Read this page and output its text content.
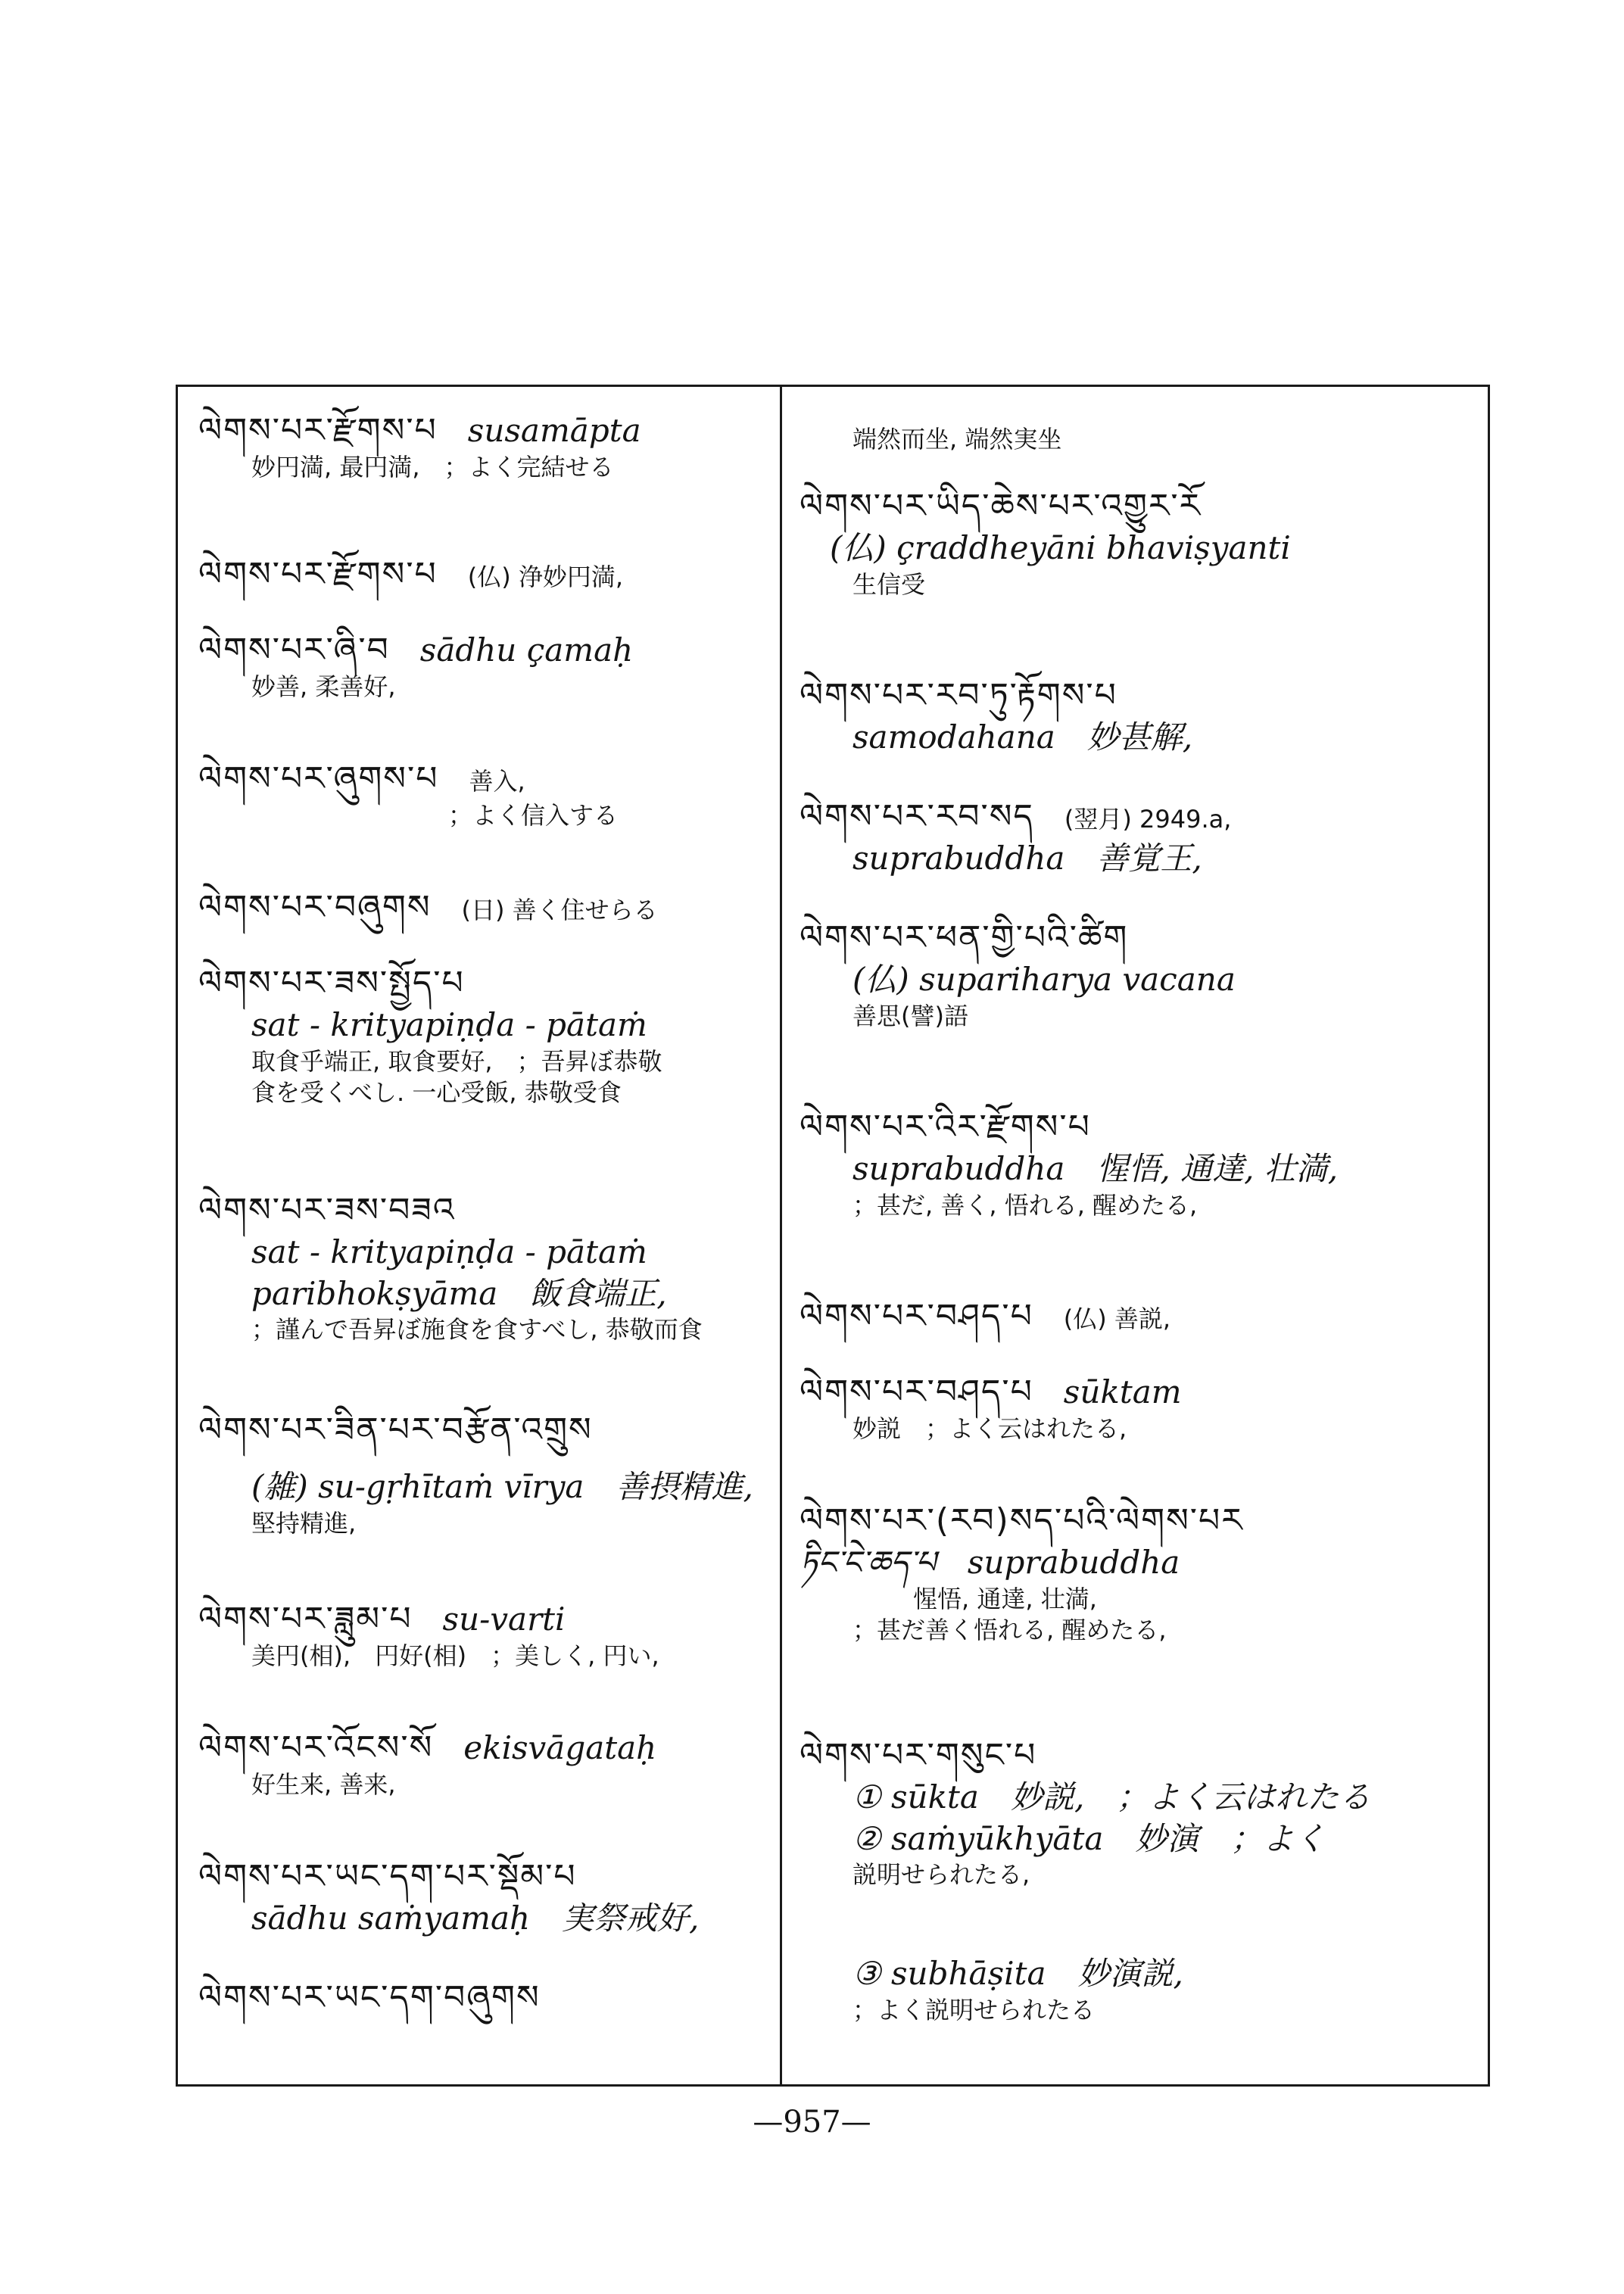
ལེགས་པར་རྫོགས་པ susamāpta
妙円満, 最円満,　；よく完結せる
ལེགས་པར་རྫོགས་པ (仏) 浄妙円満,
ལེགས་པར་ཞི་བ sādhu çamaḥ
妙善, 柔善好,
ལེགས་པར་ཞུགས་པ 善入,
；よく信入する
ལེགས་པར་བཞུགས (日) 善く住せらる
ལེགས་པར་ཟས་སྤྱོད་པ
sat - krityapiṇḍa - pātaṁ
取食乎端正, 取食要好,　；吾昇ぼ恭敬
食を受くべし. 一心受飯, 恭敬受食
ལེགས་པར་ཟས་བཟའ
sat - krityapiṇḍa - pātaṁ
paribhokṣyāma　飯食端正,
；謹んで吾昇ぼ施食を食すべし, 恭敬而食
ལེགས་པར་ཟིན་པར་བརྩོན་འགྲུས
(雑) su-gṛhītaṁ vīrya　善摂精進,
堅持精進,
ལེགས་པར་ཟླུམ་པ su-varti
美円(相),　円好(相)　；美しく, 円い,
ལེགས་པར་འོངས་སོ ekisvāgataḥ
好生来, 善来,
ལེགས་པར་ཡང་དག་པར་སྡོམ་པ
sādhu saṁyamaḥ　実祭戒好,
ལེགས་པར་ཡང་དག་བཞུགས
端然而坐, 端然実坐
ལེགས་པར་ཡིད་ཆེས་པར་འགྱུར་རོ
(仏) çraddheyāni bhaviṣyanti
生信受
ལེགས་པར་རབ་ཏུ་རྟོགས་པ
samodahana　妙甚解,
ལེགས་པར་རབ་སད (翌月) 2949.a,
suprabuddha　善覚王,
ལེགས་པར་ཕན་གྱི་པའི་ཚིག
(仏) supariharya vacana
善思(譬)語
ལེགས་པར་འིར་རྫོགས་པ
suprabuddha　惺悟, 通達, 壮満,
；甚だ, 善く, 悟れる, 醒めたる,
ལེགས་པར་བཤད་པ (仏) 善説,
ལེགས་པར་བཤད་པ sūktam
妙説　；よく云はれたる,
ལེགས་པར་(རབ)སད་པའི་ལེགས་པར
ཏིང་ངེ་ཆད་པ　suprabuddha
惺悟, 通達, 壮満,
；甚だ善く悟れる, 醒めたる,
ལེགས་པར་གསུང་པ
① sūkta　妙説,　；よく云はれたる
② saṁyūkhyāta　妙演　；よく
説明せられたる,
③ subhāṣita　妙演説,
；よく説明せられたる
—957—
